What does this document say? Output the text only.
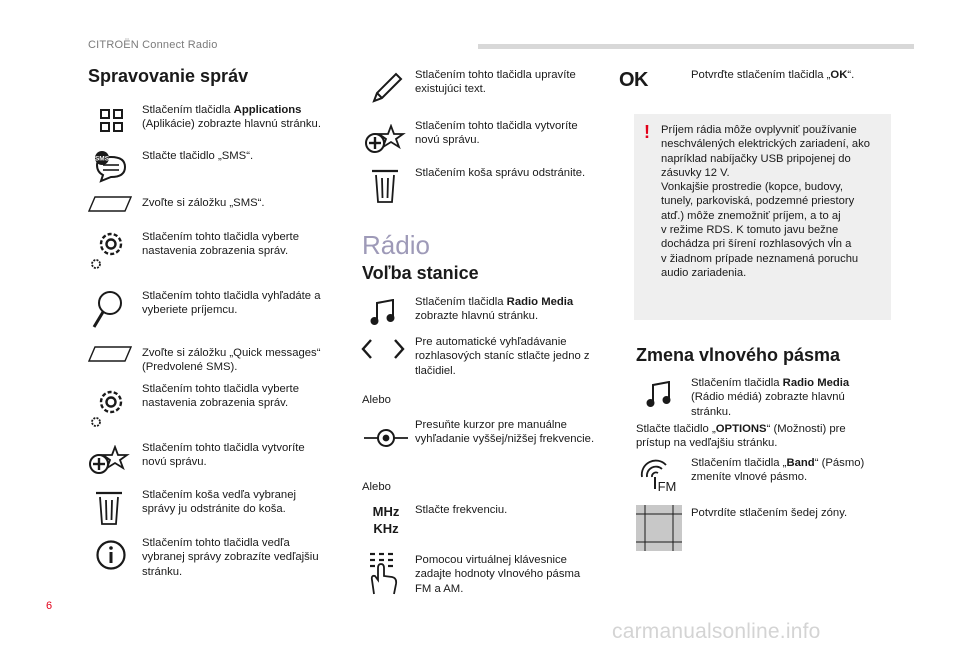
CITROËN Connect Radio
Spravovanie správ
Stlačením tlačidla Applications
(Aplikácie) zobrazte hlavnú stránku.
SMS	Stlačte tlačidlo „SMS“.
Zvoľte si záložku „SMS“.
Stlačením tohto tlačidla vyberte
nastavenia zobrazenia správ.
Stlačením tohto tlačidla vyhľadáte a
vyberiete príjemcu.
Zvoľte si záložku „Quick messages“
(Predvolené SMS).
Stlačením tohto tlačidla vyberte
nastavenia zobrazenia správ.
Stlačením tohto tlačidla vytvoríte
novú správu.
Stlačením koša vedľa vybranej
správy ju odstránite do koša.
Stlačením tohto tlačidla vedľa
vybranej správy zobrazíte vedľajšiu
stránku.
Stlačením tohto tlačidla upravíte
existujúci text.
Stlačením tohto tlačidla vytvoríte
novú správu.
Stlačením koša správu odstránite.
Rádio
Voľba stanice
Stlačením tlačidla Radio Media
zobrazte hlavnú stránku.
Pre automatické vyhľadávanie
rozhlasových staníc stlačte jedno z
tlačidiel.
Alebo
Presuňte kurzor pre manuálne
vyhľadanie vyššej/nižšej frekvencie.
Alebo
MHz
KHz
Stlačte frekvenciu.
Pomocou virtuálnej klávesnice
zadajte hodnoty vlnového pásma
FM a AM.
OK	Potvrďte stlačením tlačidla „OK“.
! Príjem rádia môže ovplyvniť používanie
neschválených elektrických zariadení, ako
napríklad nabíjačky USB pripojenej do
zásuvky 12 V.
Vonkajšie prostredie (kopce, budovy,
tunely, parkoviská, podzemné priestory
atď.) môže znemožniť príjem, a to aj
v režime RDS. K tomuto javu bežne
dochádza pri šírení rozhlasových vĺn a
v žiadnom prípade neznamená poruchu
audio zariadenia.
Zmena vlnového pásma
Stlačením tlačidla Radio Media
(Rádio médiá) zobrazte hlavnú
stránku.
Stlačte tlačidlo „OPTIONS“ (Možnosti) pre
prístup na vedľajšiu stránku.
FM
Stlačením tlačidla „Band“ (Pásmo)
zmeníte vlnové pásmo.
Potvrdíte stlačením šedej zóny.
6
carmanualsonline.info
